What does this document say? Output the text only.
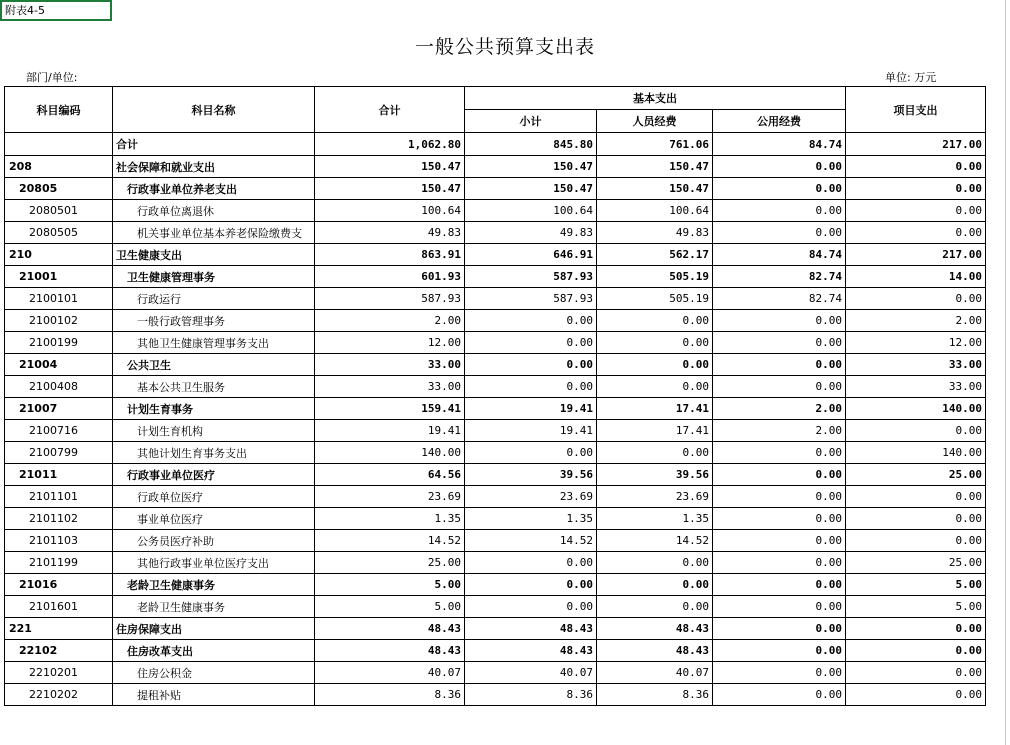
附表4-5
一般公共预算支出表
部门/单位:	单位: 万元
科目编码	科目名称	合计	基本支出			项目支出
			小计	人员经费	公用经费	
	合计	1,062.80	845.80	761.06	84.74	217.00
208	社会保障和就业支出	150.47	150.47	150.47	0.00	0.00
20805	行政事业单位养老支出	150.47	150.47	150.47	0.00	0.00
2080501	行政单位离退休	100.64	100.64	100.64	0.00	0.00
2080505	机关事业单位基本养老保险缴费支	49.83	49.83	49.83	0.00	0.00
210	卫生健康支出	863.91	646.91	562.17	84.74	217.00
21001	卫生健康管理事务	601.93	587.93	505.19	82.74	14.00
2100101	行政运行	587.93	587.93	505.19	82.74	0.00
2100102	一般行政管理事务	2.00	0.00	0.00	0.00	2.00
2100199	其他卫生健康管理事务支出	12.00	0.00	0.00	0.00	12.00
21004	公共卫生	33.00	0.00	0.00	0.00	33.00
2100408	基本公共卫生服务	33.00	0.00	0.00	0.00	33.00
21007	计划生育事务	159.41	19.41	17.41	2.00	140.00
2100716	计划生育机构	19.41	19.41	17.41	2.00	0.00
2100799	其他计划生育事务支出	140.00	0.00	0.00	0.00	140.00
21011	行政事业单位医疗	64.56	39.56	39.56	0.00	25.00
2101101	行政单位医疗	23.69	23.69	23.69	0.00	0.00
2101102	事业单位医疗	1.35	1.35	1.35	0.00	0.00
2101103	公务员医疗补助	14.52	14.52	14.52	0.00	0.00
2101199	其他行政事业单位医疗支出	25.00	0.00	0.00	0.00	25.00
21016	老龄卫生健康事务	5.00	0.00	0.00	0.00	5.00
2101601	老龄卫生健康事务	5.00	0.00	0.00	0.00	5.00
221	住房保障支出	48.43	48.43	48.43	0.00	0.00
22102	住房改革支出	48.43	48.43	48.43	0.00	0.00
2210201	住房公积金	40.07	40.07	40.07	0.00	0.00
2210202	提租补贴	8.36	8.36	8.36	0.00	0.00
